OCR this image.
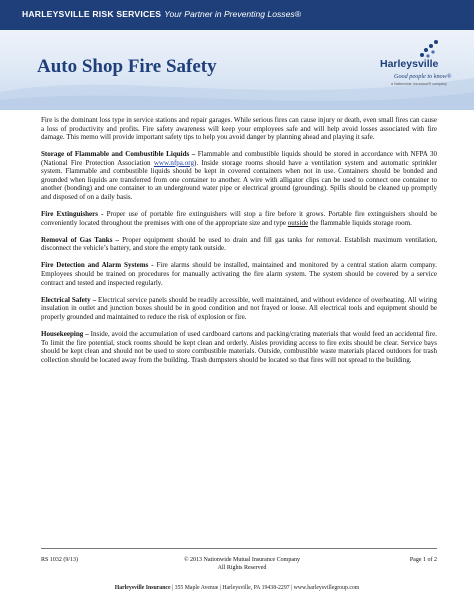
HARLEYSVILLE RISK SERVICES Your Partner in Preventing Losses®
Auto Shop Fire Safety	Harleysville
Good people to know®
a Nationwide Insurance® company

Fire is the dominant loss type in service stations and repair garages. While serious fires can cause injury or death, even small fires can cause a loss of productivity and profits. Fire safety awareness will keep your employees safe and will help avoid losses associated with fire damage. This memo will provide important safety tips to help you avoid danger by planning ahead and playing it safe.

Storage of Flammable and Combustible Liquids – Flammable and combustible liquids should be stored in accordance with NFPA 30 (National Fire Protection Association www.nfpa.org). Inside storage rooms should have a ventilation system and automatic sprinkler system. Flammable and combustible liquids should be kept in covered containers when not in use. Containers should be bonded and grounded when liquids are transferred from one container to another. A wire with alligator clips can be used to connect one container to another (bonding) and one container to an underground water pipe or electrical ground (grounding). Spills should be cleaned up promptly and disposed of on a daily basis.

Fire Extinguishers - Proper use of portable fire extinguishers will stop a fire before it grows. Portable fire extinguishers should be conveniently located throughout the premises with one of the appropriate size and type outside the flammable liquids storage room.

Removal of Gas Tanks – Proper equipment should be used to drain and fill gas tanks for removal. Establish maximum ventilation, disconnect the vehicle’s battery, and store the empty tank outside.

Fire Detection and Alarm Systems - Fire alarms should be installed, maintained and monitored by a central station alarm company. Employees should be trained on procedures for manually activating the fire alarm system. The system should be covered by a service contract and tested and inspected regularly.

Electrical Safety – Electrical service panels should be readily accessible, well maintained, and without evidence of overheating. All wiring insulation in outlet and junction boxes should be in good condition and not frayed or loose. All electrical tools and equipment should be properly grounded and maintained to reduce the risk of explosion or fire.

Housekeeping – Inside, avoid the accumulation of used cardboard cartons and packing/crating materials that would feed an accidental fire. To limit the fire potential, stock rooms should be kept clean and orderly. Aisles providing access to fire exits should be clear. Service bays should be kept clean and should not be used to store combustible materials. Outside, combustible waste materials placed outdoors for trash collection should be located away from the building. Trash dumpsters should be located so that fires will not spread to the building.

RS 1032 (9/13)	© 2013 Nationwide Mutual Insurance Company
All Rights Reserved
Page 1 of 2
Harleysville Insurance | 355 Maple Avenue | Harleysville, PA 19438-2297 | www.harleysvillegroup.com
